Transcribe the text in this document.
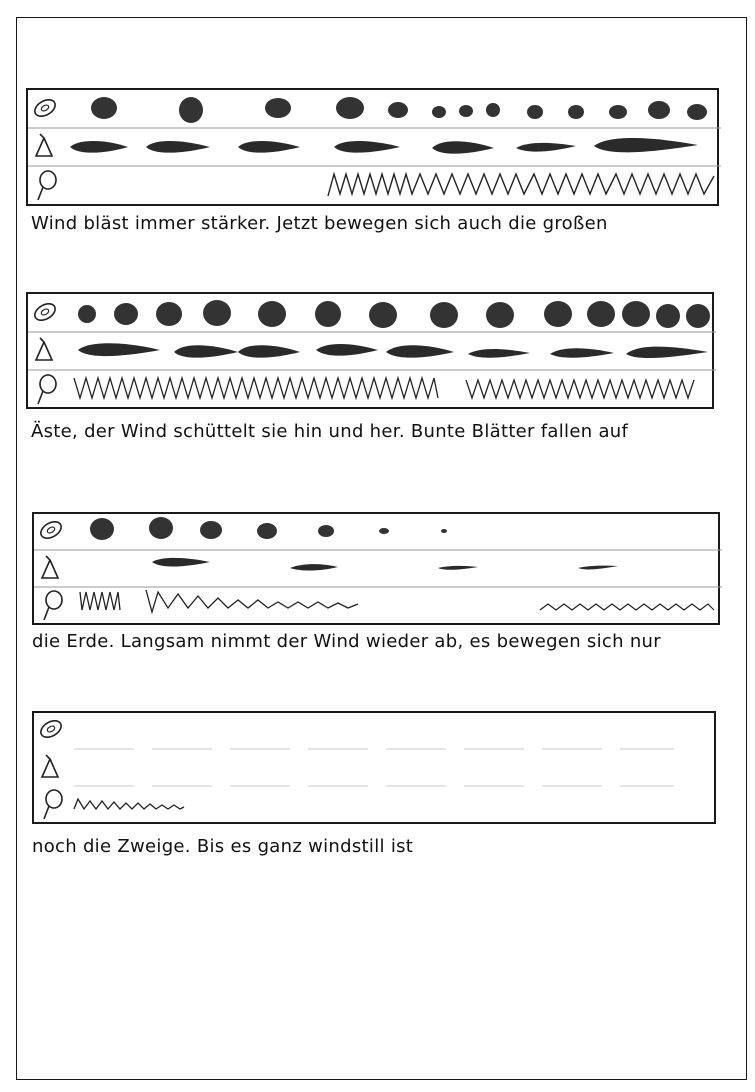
Wind bläst immer stärker. Jetzt bewegen sich auch die großen
Äste, der Wind schüttelt sie hin und her. Bunte Blätter fallen auf
die Erde. Langsam nimmt der Wind wieder ab, es bewegen sich nur
noch die Zweige. Bis es ganz windstill ist
